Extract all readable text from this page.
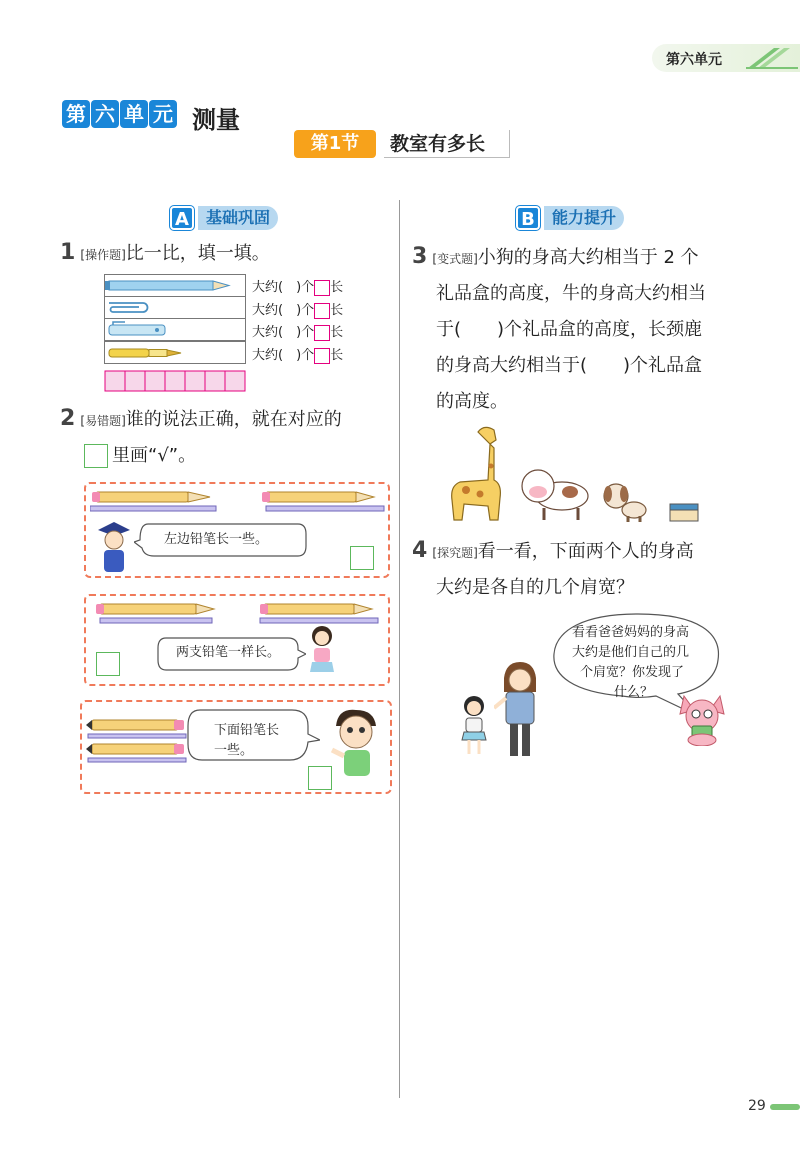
第六单元
第 六 单 元 测量
第1节	教室有多长
A	基础巩固
1 [操作题]比一比，填一填。
大约(　)个 长
大约(　)个 长
大约(　)个 长
大约(　)个 长
2 [易错题]谁的说法正确，就在对应的
里画“√”。
左边铅笔长一些。
两支铅笔一样长。
下面铅笔长
一些。
B	能力提升
3 [变式题]小狗的身高大约相当于 2 个
礼品盒的高度，牛的身高大约相当
于(　　)个礼品盒的高度，长颈鹿
的身高大约相当于(　　)个礼品盒
的高度。
4 [探究题]看一看，下面两个人的身高
大约是各自的几个肩宽？
看看爸爸妈妈的身高
大约是他们自己的几
个肩宽？你发现了
什么？
29
